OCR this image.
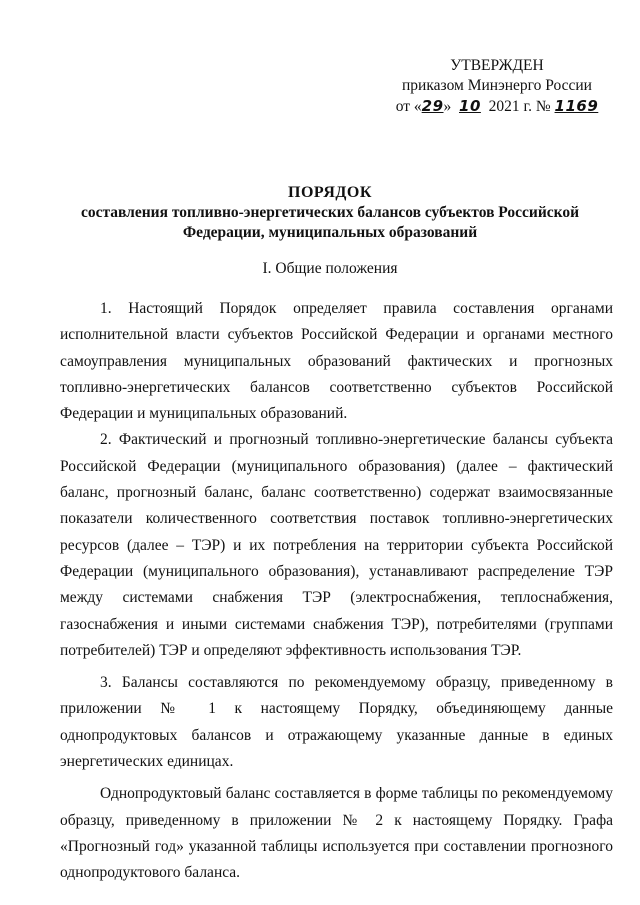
УТВЕРЖДЕН
приказом Минэнерго России
от «29» 10 2021 г. № 1169
ПОРЯДОК
составления топливно-энергетических балансов субъектов Российской
Федерации, муниципальных образований
I. Общие положения

1. Настоящий Порядок определяет правила составления органами исполнительной власти субъектов Российской Федерации и органами местного самоуправления муниципальных образований фактических и прогнозных топливно-энергетических балансов соответственно субъектов Российской Федерации и муниципальных образований.

2. Фактический и прогнозный топливно-энергетические балансы субъекта Российской Федерации (муниципального образования) (далее – фактический баланс, прогнозный баланс, баланс соответственно) содержат взаимосвязанные показатели количественного соответствия поставок топливно-энергетических ресурсов (далее – ТЭР) и их потребления на территории субъекта Российской Федерации (муниципального образования), устанавливают распределение ТЭР между системами снабжения ТЭР (электроснабжения, теплоснабжения, газоснабжения и иными системами снабжения ТЭР), потребителями (группами потребителей) ТЭР и определяют эффективность использования ТЭР.

3. Балансы составляются по рекомендуемому образцу, приведенному в приложении № 1 к настоящему Порядку, объединяющему данные однопродуктовых балансов и отражающему указанные данные в единых энергетических единицах.

Однопродуктовый баланс составляется в форме таблицы по рекомендуемому образцу, приведенному в приложении № 2 к настоящему Порядку. Графа «Прогнозный год» указанной таблицы используется при составлении прогнозного однопродуктового баланса.
